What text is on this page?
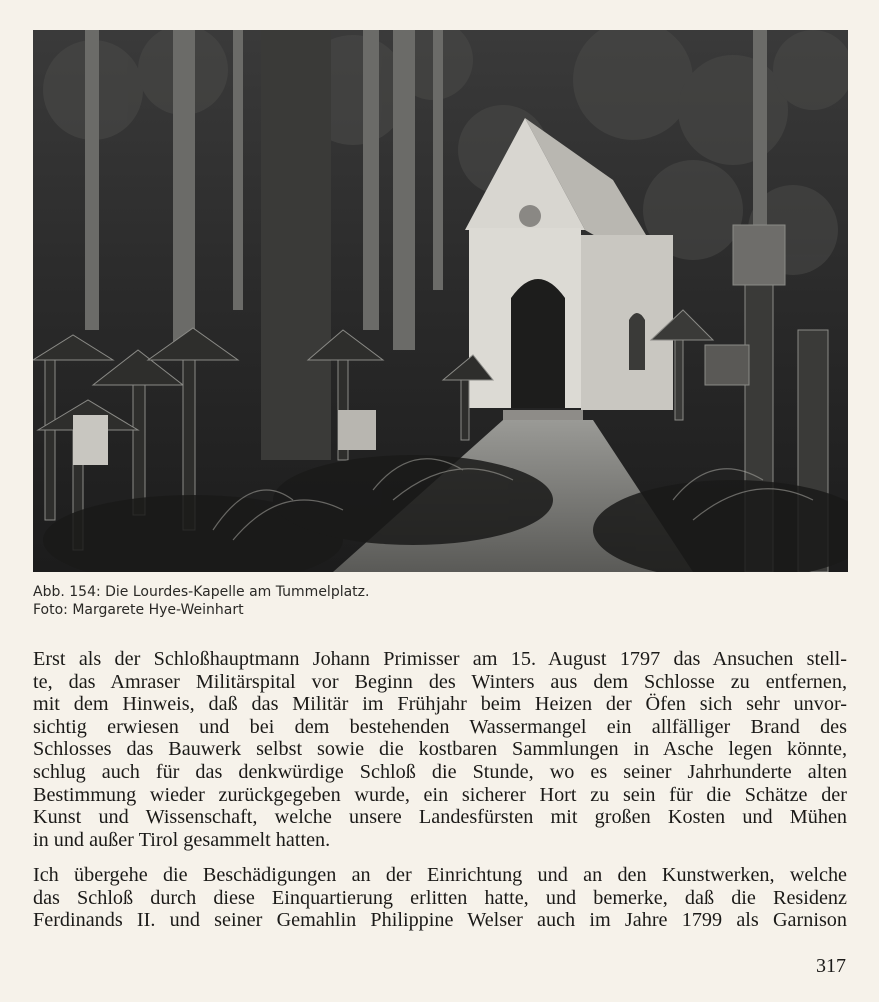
Abb. 154: Die Lourdes-Kapelle am Tummelplatz.
Foto: Margarete Hye-Weinhart
Erst als der Schloßhauptmann Johann Primisser am 15. August 1797 das Ansuchen stell-
te, das Amraser Militärspital vor Beginn des Winters aus dem Schlosse zu entfernen,
mit dem Hinweis, daß das Militär im Frühjahr beim Heizen der Öfen sich sehr unvor-
sichtig erwiesen und bei dem bestehenden Wassermangel ein allfälliger Brand des
Schlosses das Bauwerk selbst sowie die kostbaren Sammlungen in Asche legen könnte,
schlug auch für das denkwürdige Schloß die Stunde, wo es seiner Jahrhunderte alten
Bestimmung wieder zurückgegeben wurde, ein sicherer Hort zu sein für die Schätze der
Kunst und Wissenschaft, welche unsere Landesfürsten mit großen Kosten und Mühen
in und außer Tirol gesammelt hatten.
Ich übergehe die Beschädigungen an der Einrichtung und an den Kunstwerken, welche
das Schloß durch diese Einquartierung erlitten hatte, und bemerke, daß die Residenz
Ferdinands II. und seiner Gemahlin Philippine Welser auch im Jahre 1799 als Garnison
317
